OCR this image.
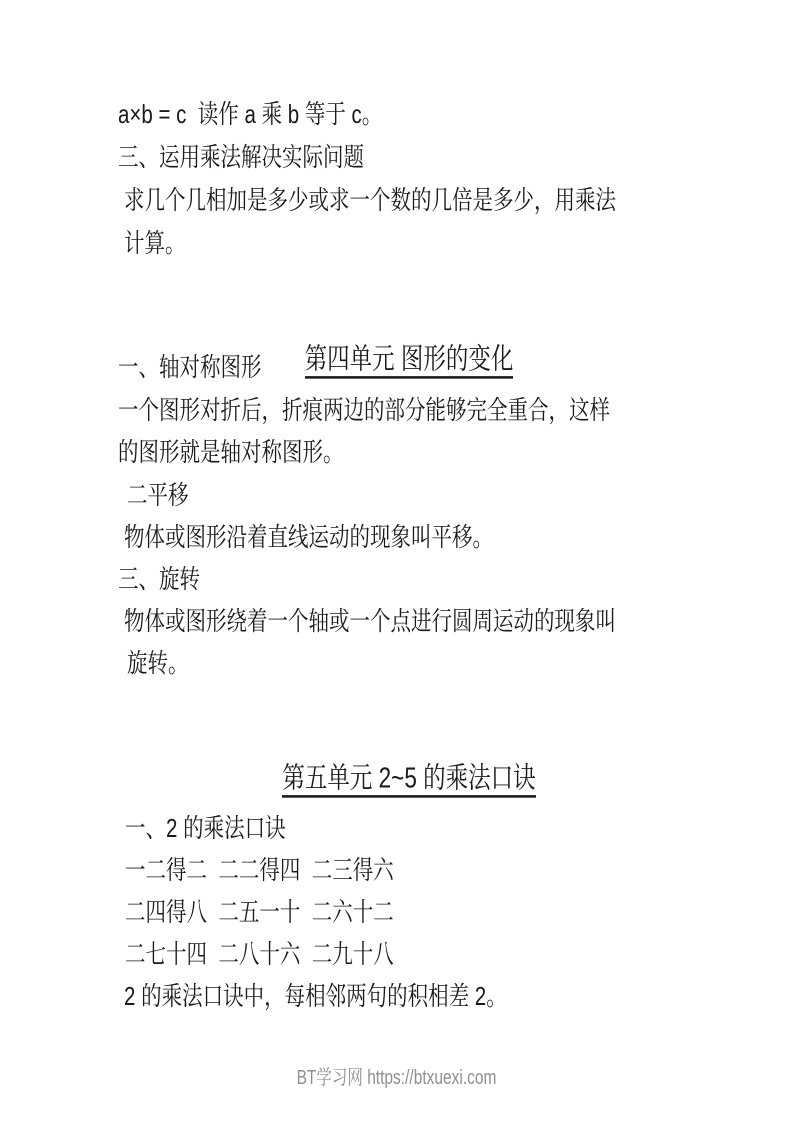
a×b = c  读作 a 乘 b 等于 c。
三、运用乘法解决实际问题
求几个几相加是多少或求一个数的几倍是多少，用乘法
计算。

第四单元 图形的变化

一、轴对称图形
一个图形对折后，折痕两边的部分能够完全重合，这样
的图形就是轴对称图形。
二平移
物体或图形沿着直线运动的现象叫平移。
三、旋转
物体或图形绕着一个轴或一个点进行圆周运动的现象叫
旋转。

第五单元 2~5 的乘法口诀

一、2 的乘法口诀
一二得二  二二得四  二三得六
二四得八  二五一十  二六十二
二七十四  二八十六  二九十八
2 的乘法口诀中，每相邻两句的积相差 2。
BT学习网 https://btxuexi.com
